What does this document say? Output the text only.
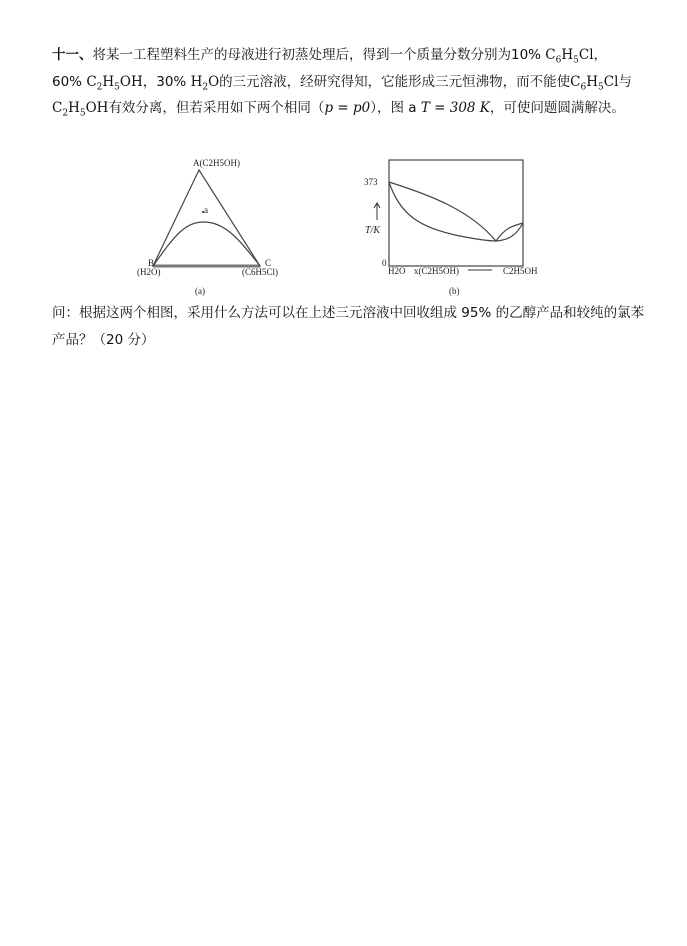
十一、将某一工程塑料生产的母液进行初蒸处理后，得到一个质量分数分别为10% $C_6H_5Cl$，
60% $C_2H_5OH$，30% $H_2O$的三元溶液，经研究得知，它能形成三元恒沸物，而不能使$C_6H_5Cl$与
$C_2H_5OH$有效分离，但若采用如下两个相同（p = p0），图 a T = 308 K，可使问题圆满解决。
A(C2H5OH)
a
B
(H2O)
C
(C6H5Cl)
(a)
373
0
T/K
H2O x(C2H5OH)	C2H5OH
(b)
问：根据这两个相图，采用什么方法可以在上述三元溶液中回收组成 95% 的乙醇产品和较纯的氯苯产品？（20 分）
